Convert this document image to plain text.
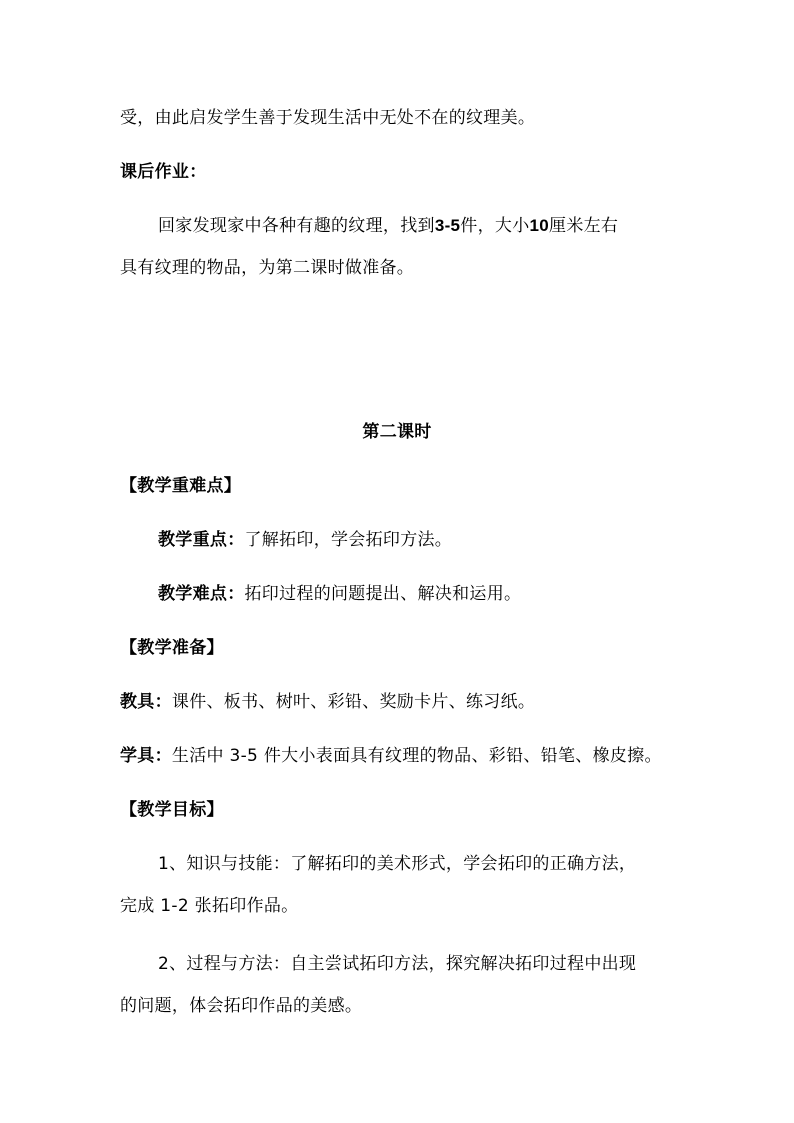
受，由此启发学生善于发现生活中无处不在的纹理美。
课后作业：
回家发现家中各种有趣的纹理，找到3-5件，大小10厘米左右
具有纹理的物品，为第二课时做准备。
第二课时
【教学重难点】
教学重点：了解拓印，学会拓印方法。
教学难点：拓印过程的问题提出、解决和运用。
【教学准备】
教具：课件、板书、树叶、彩铅、奖励卡片、练习纸。
学具：生活中 3-5 件大小表面具有纹理的物品、彩铅、铅笔、橡皮擦。
【教学目标】
1、知识与技能：了解拓印的美术形式，学会拓印的正确方法，
完成 1-2 张拓印作品。
2、过程与方法：自主尝试拓印方法，探究解决拓印过程中出现
的问题，体会拓印作品的美感。
